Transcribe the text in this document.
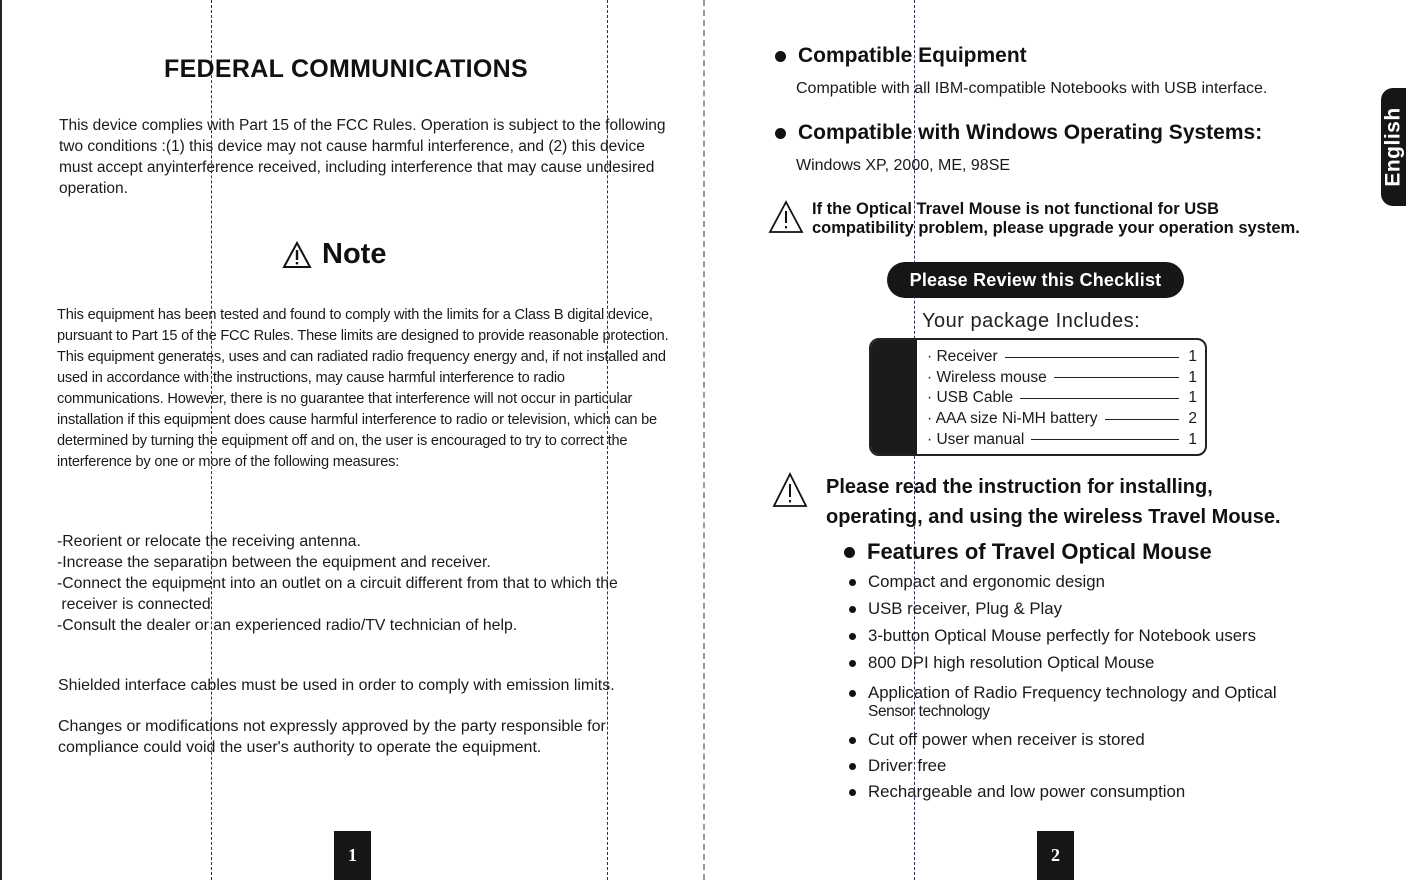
FEDERAL COMMUNICATIONS

This device complies with Part 15 of the FCC Rules. Operation is subject to the following two conditions :(1) this device may not cause harmful interference, and (2) this device must accept anyinterference received, including interference that may cause undesired operation.

Note

This equipment has been tested and found to comply with the limits for a Class B digital device, pursuant to Part 15 of the FCC Rules. These limits are designed to provide reasonable protection. This equipment generates, uses and can radiated radio frequency energy and, if not installed and used in accordance with the instructions, may cause harmful interference to radio communications. However, there is no guarantee that interference will not occur in particular installation if this equipment does cause harmful interference to radio or television, which can be determined by turning the equipment off and on, the user is encouraged to try to correct the interference by one or more of the following measures:

-Reorient or relocate the receiving antenna.
-Increase the separation between the equipment and receiver.
-Connect the equipment into an outlet on a circuit different from that to which the
receiver is connected
-Consult the dealer or an experienced radio/TV technician of help.

Shielded interface cables must be used in order to comply with emission limits.

Changes or modifications not expressly approved by the party responsible for compliance could void the user's authority to operate the equipment.

1
Compatible Equipment
Compatible with all IBM-compatible Notebooks with USB interface.
Compatible with Windows Operating Systems:
Windows XP, 2000, ME, 98SE
If the Optical Travel Mouse is not functional for USB
compatibility problem, please upgrade your operation system.
Please Review this Checklist
Your package Includes:
· Receiver	1
· Wireless mouse	1
· USB Cable	1
· AAA size Ni-MH battery	2
· User manual	1
Please read the instruction for installing,
operating, and using the wireless Travel Mouse.
Features of Travel Optical Mouse
Compact and ergonomic design
USB receiver, Plug & Play
3-button Optical Mouse perfectly for Notebook users
800 DPI high resolution Optical Mouse
Application of Radio Frequency technology and Optical
Sensor technology
Cut off power when receiver is stored
Driver free
Rechargeable and low power consumption
2
English
